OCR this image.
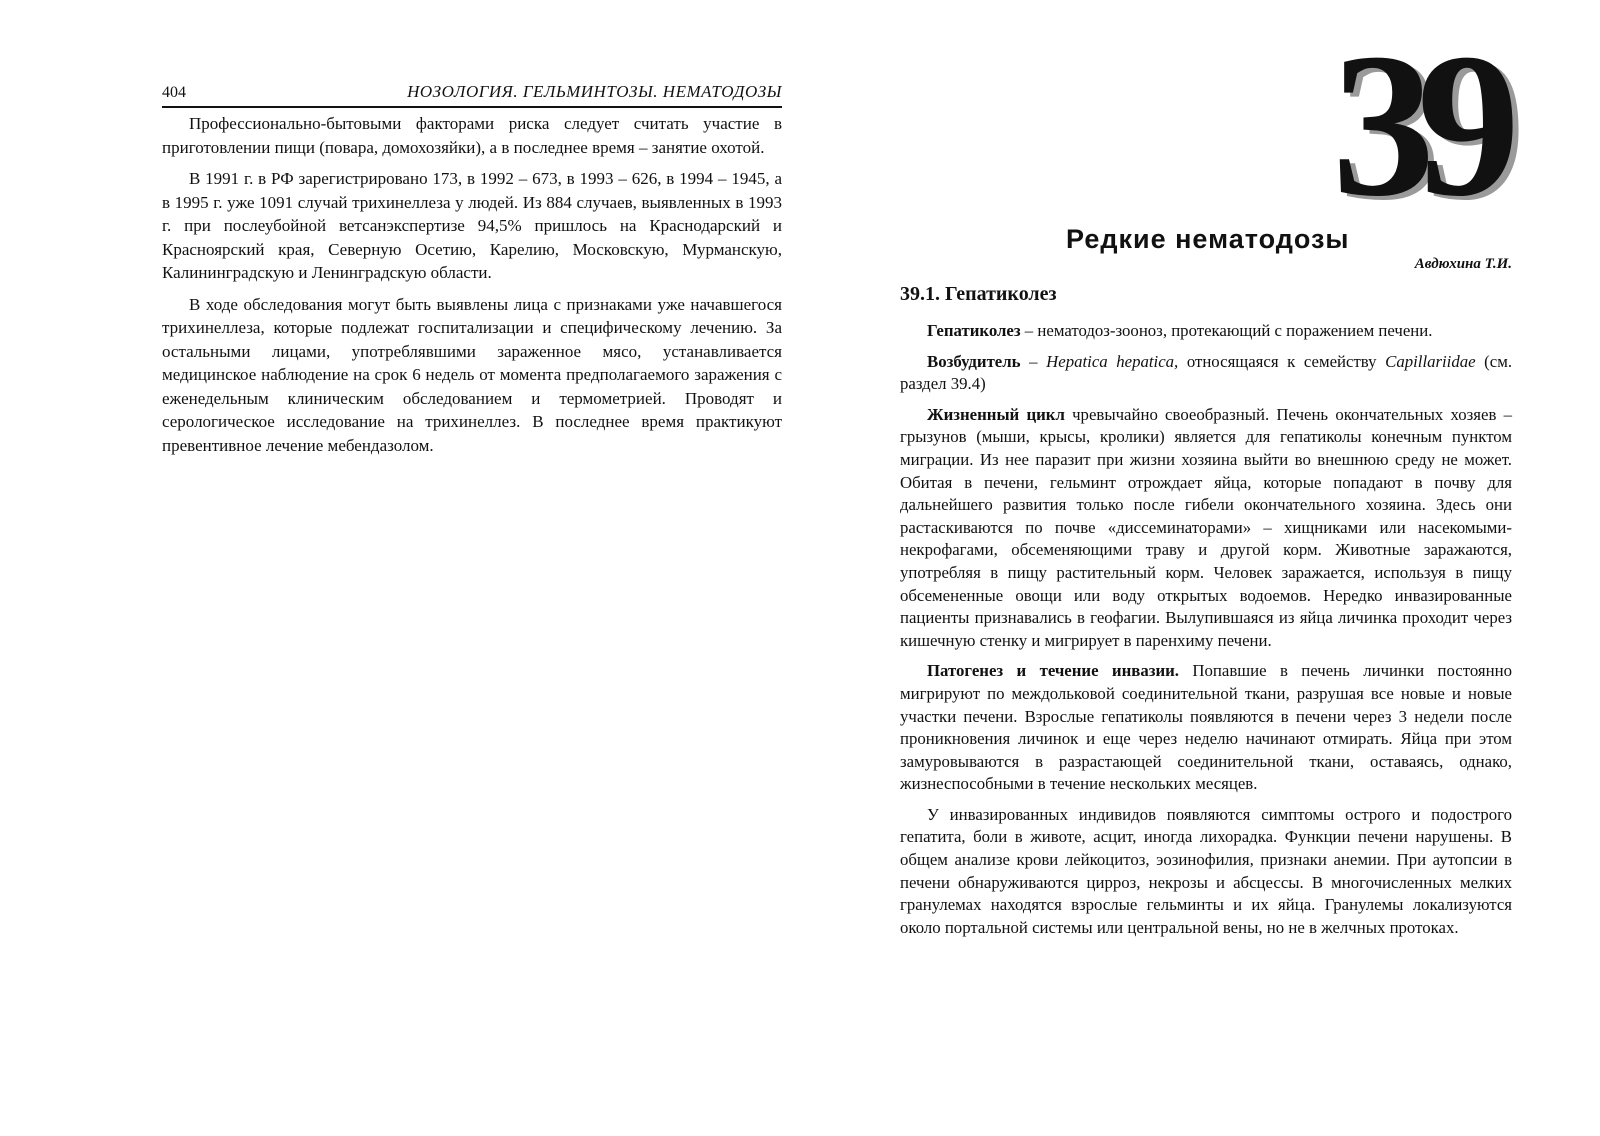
404	НОЗОЛОГИЯ. ГЕЛЬМИНТОЗЫ. НЕМАТОДОЗЫ

Профессионально-бытовыми факторами риска следует считать участие в приготовлении пищи (повара, домохозяйки), а в последнее время – занятие охотой.

В 1991 г. в РФ зарегистрировано 173, в 1992 – 673, в 1993 – 626, в 1994 – 1945, а в 1995 г. уже 1091 случай трихинеллеза у людей. Из 884 случаев, выявленных в 1993 г. при послеубойной ветсанэкспертизе 94,5% пришлось на Краснодарский и Красноярский края, Северную Осетию, Карелию, Московскую, Мурманскую, Калининградскую и Ленинградскую области.

В ходе обследования могут быть выявлены лица с признаками уже начавшегося трихинеллеза, которые подлежат госпитализации и специфическому лечению. За остальными лицами, употреблявшими зараженное мясо, устанавливается медицинское наблюдение на срок 6 недель от момента предполагаемого заражения с еженедельным клиническим обследованием и термометрией. Проводят и серологическое исследование на трихинеллез. В последнее время практикуют превентивное лечение мебендазолом.

39
Редкие нематодозы
Авдюхина Т.И.
39.1. Гепатиколез

Гепатиколез – нематодоз-зооноз, протекающий с поражением печени.

Возбудитель – Hepatica hepatica, относящаяся к семейству Capillariidae (см. раздел 39.4)

Жизненный цикл чревычайно своеобразный. Печень окончательных хозяев – грызунов (мыши, крысы, кролики) является для гепатиколы конечным пунктом миграции. Из нее паразит при жизни хозяина выйти во внешнюю среду не может. Обитая в печени, гельминт отрождает яйца, которые попадают в почву для дальнейшего развития только после гибели окончательного хозяина. Здесь они растаскиваются по почве «диссеминаторами» – хищниками или насекомыми-некрофагами, обсеменяющими траву и другой корм. Животные заражаются, употребляя в пищу растительный корм. Человек заражается, используя в пищу обсемененные овощи или воду открытых водоемов. Нередко инвазированные пациенты признавались в геофагии. Вылупившаяся из яйца личинка проходит через кишечную стенку и мигрирует в паренхиму печени.

Патогенез и течение инвазии. Попавшие в печень личинки постоянно мигрируют по междольковой соединительной ткани, разрушая все новые и новые участки печени. Взрослые гепатиколы появляются в печени через 3 недели после проникновения личинок и еще через неделю начинают отмирать. Яйца при этом замуровываются в разрастающей соединительной ткани, оставаясь, однако, жизнеспособными в течение нескольких месяцев.

У инвазированных индивидов появляются симптомы острого и подострого гепатита, боли в животе, асцит, иногда лихорадка. Функции печени нарушены. В общем анализе крови лейкоцитоз, эозинофилия, признаки анемии. При аутопсии в печени обнаруживаются цирроз, некрозы и абсцессы. В многочисленных мелких гранулемах находятся взрослые гельминты и их яйца. Гранулемы локализуются около портальной системы или центральной вены, но не в желчных протоках.
